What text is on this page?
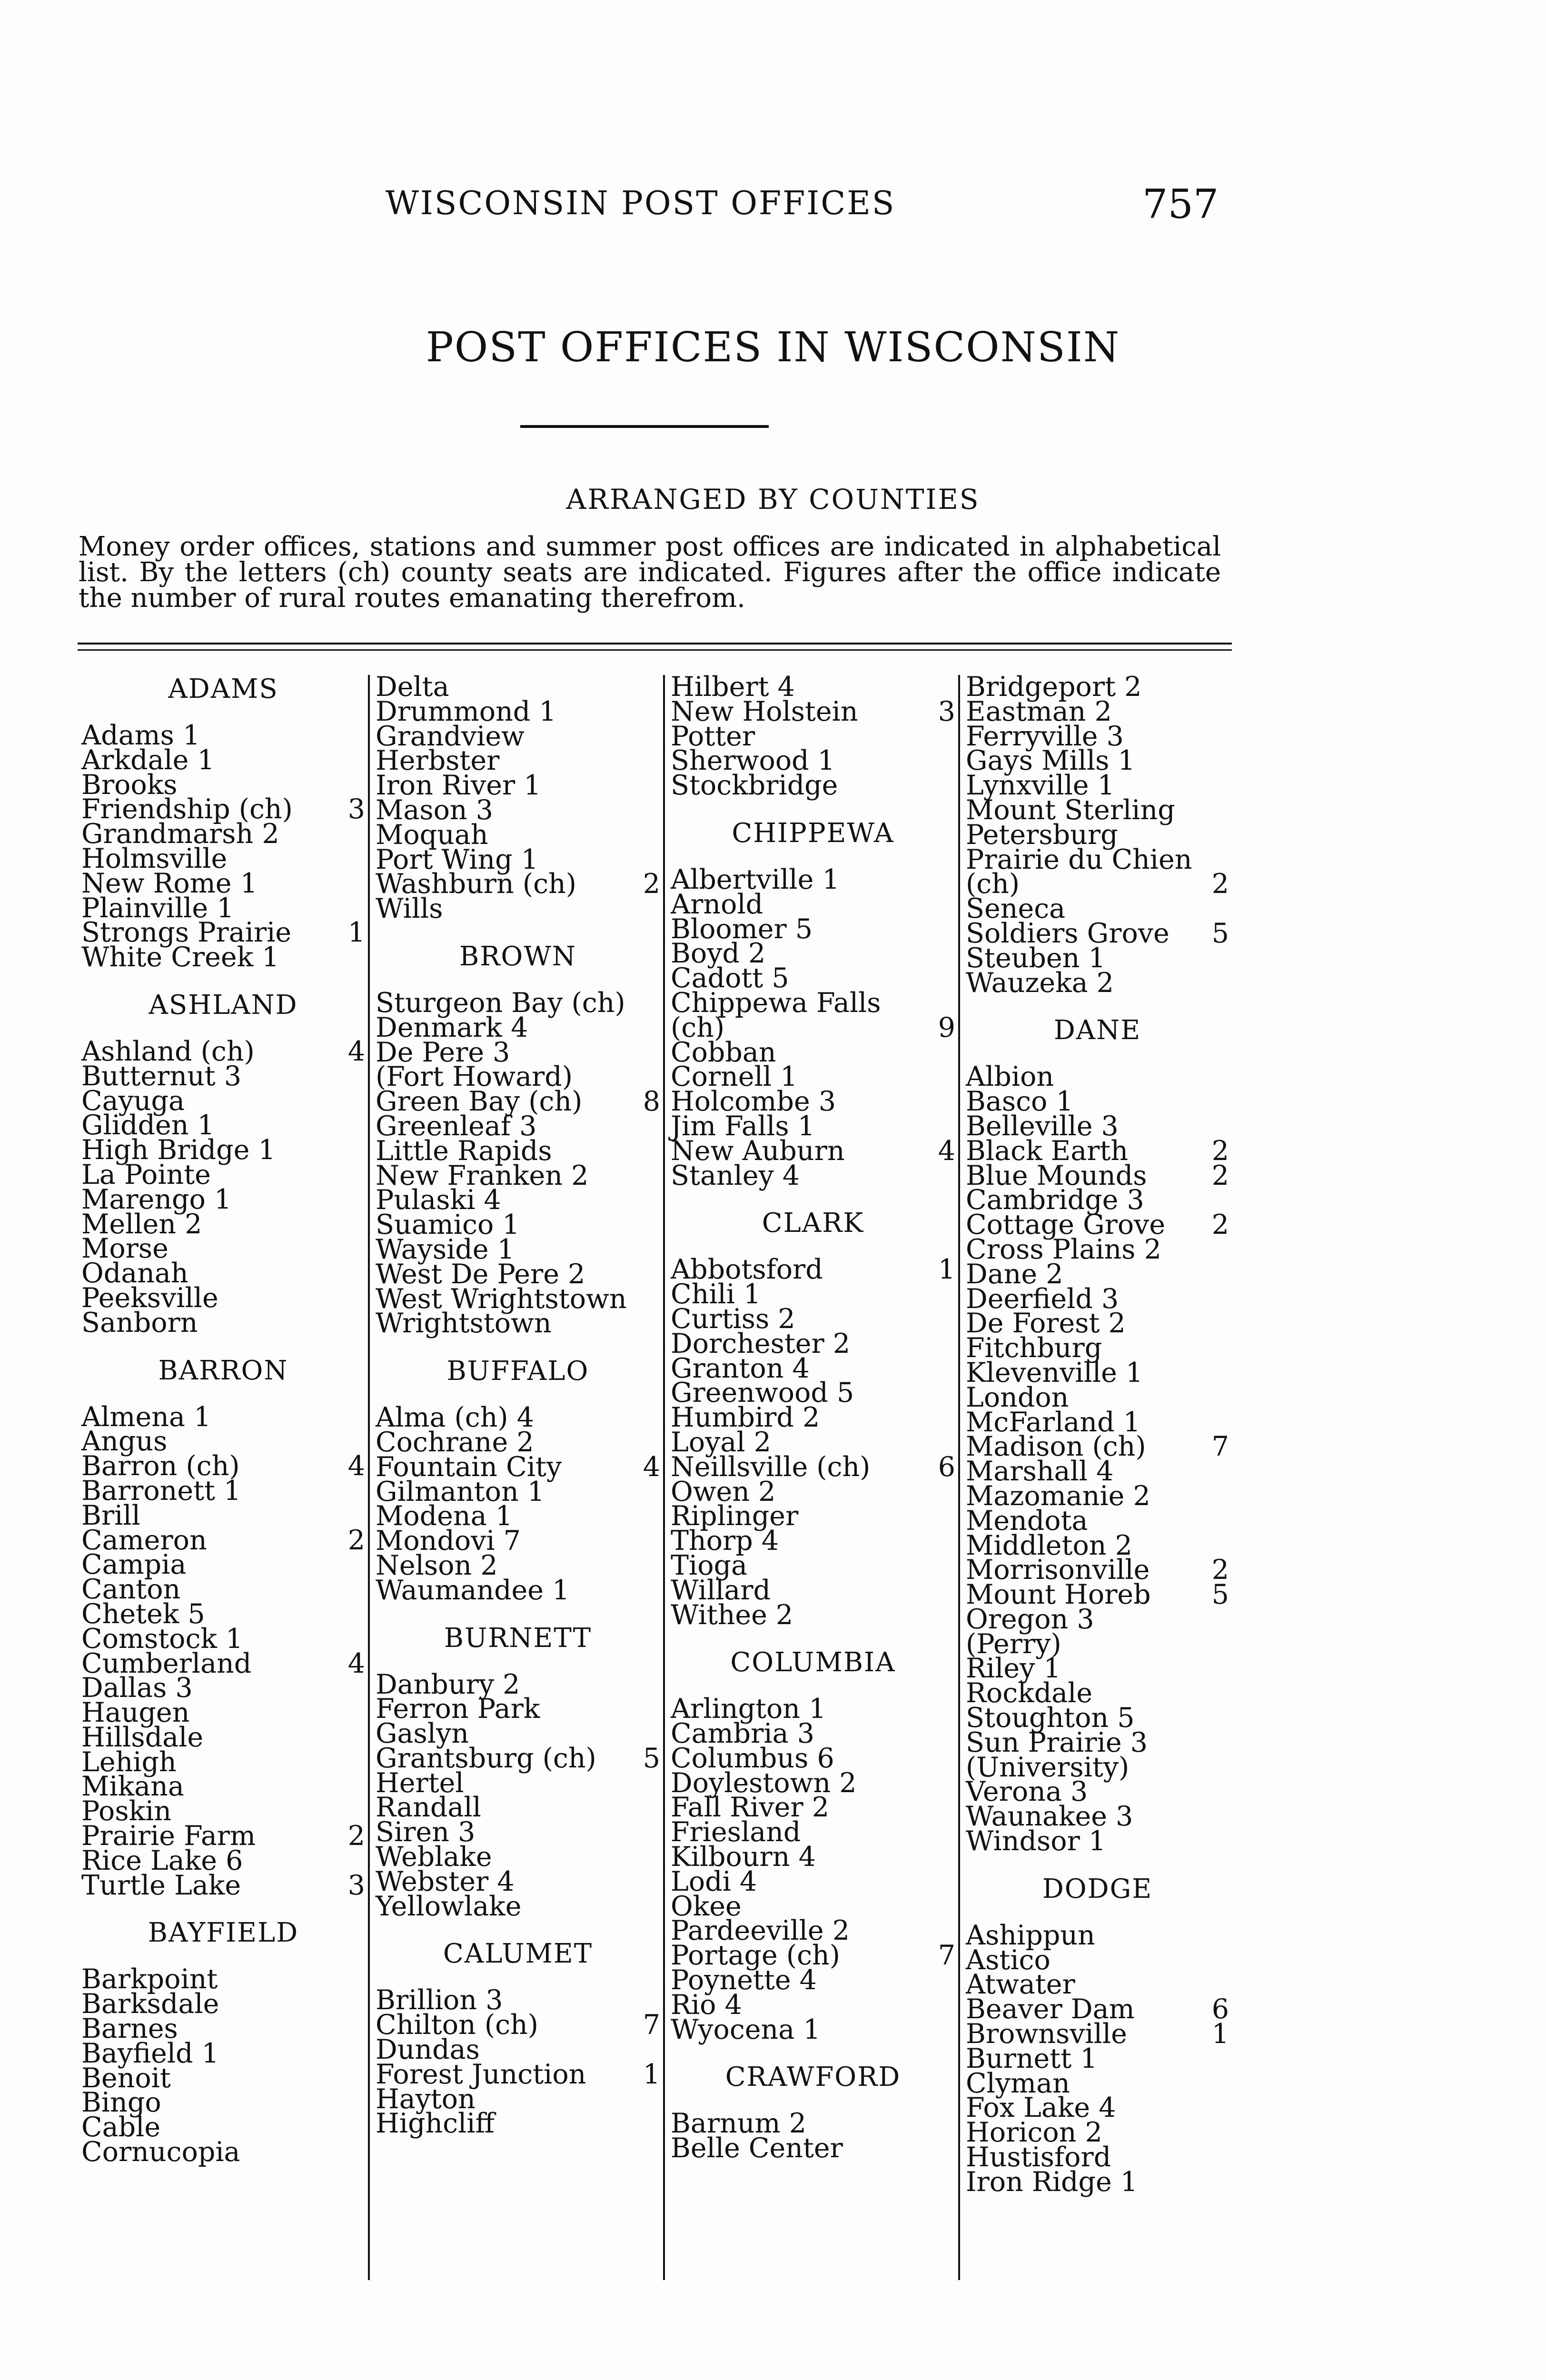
WISCONSIN POST OFFICES	757
POST OFFICES IN WISCONSIN
ARRANGED BY COUNTIES
Money order offices, stations and summer post offices are indicated in alphabetical list. By the letters (ch) county seats are indicated. Figures after the office indicate the number of rural routes emanating therefrom.
ADAMS
Adams 1
Arkdale 1
Brooks
Friendship (ch) 3
Grandmarsh 2
Holmsville
New Rome 1
Plainville 1
Strongs Prairie 1
White Creek 1
ASHLAND
Ashland (ch)	4
Butternut 3
Cayuga
Glidden 1
High Bridge 1
La Pointe
Marengo 1
Mellen 2
Morse
Odanah
Peeksville
Sanborn
BARRON
Almena 1
Angus
Barron (ch)	4
Barronett 1
Brill
Cameron	2
Campia
Canton
Chetek 5
Comstock 1
Cumberland	4
Dallas 3
Haugen
Hillsdale
Lehigh
Mikana
Poskin
Prairie Farm	2
Rice Lake 6
Turtle Lake	3
BAYFIELD
Barkpoint
Barksdale
Barnes
Bayfield 1
Benoit
Bingo
Cable
Cornucopia
Delta
Drummond 1
Grandview
Herbster
Iron River 1
Mason 3
Moquah
Port Wing 1
Washburn (ch) 2
Wills
BROWN
Sturgeon Bay (ch)
Denmark 4
De Pere 3
(Fort Howard)
Green Bay (ch) 8
Greenleaf 3
Little Rapids
New Franken 2
Pulaski 4
Suamico 1
Wayside 1
West De Pere 2
West Wrightstown
Wrightstown
BUFFALO
Alma (ch) 4
Cochrane 2
Fountain City	4
Gilmanton 1
Modena 1
Mondovi 7
Nelson 2
Waumandee 1
BURNETT
Danbury 2
Ferron Park
Gaslyn
Grantsburg (ch) 5
Hertel
Randall
Siren 3
Weblake
Webster 4
Yellowlake
CALUMET
Brillion 3
Chilton (ch)	7
Dundas
Forest Junction 1
Hayton
Highcliff
Hilbert 4
New Holstein	3
Potter
Sherwood 1
Stockbridge
CHIPPEWA
Albertville 1
Arnold
Bloomer 5
Boyd 2
Cadott 5
Chippewa Falls
(ch)	9
Cobban
Cornell 1
Holcombe 3
Jim Falls 1
New Auburn	4
Stanley 4
CLARK
Abbotsford	1
Chili 1
Curtiss 2
Dorchester 2
Granton 4
Greenwood 5
Humbird 2
Loyal 2
Neillsville (ch) 6
Owen 2
Riplinger
Thorp 4
Tioga
Willard
Withee 2
COLUMBIA
Arlington 1
Cambria 3
Columbus 6
Doylestown 2
Fall River 2
Friesland
Kilbourn 4
Lodi 4
Okee
Pardeeville 2
Portage (ch)	7
Poynette 4
Rio 4
Wyocena 1
CRAWFORD
Barnum 2
Belle Center
Bridgeport 2
Eastman 2
Ferryville 3
Gays Mills 1
Lynxville 1
Mount Sterling
Petersburg
Prairie du Chien
(ch)	2
Seneca
Soldiers Grove 5
Steuben 1
Wauzeka 2
DANE
Albion
Basco 1
Belleville 3
Black Earth	2
Blue Mounds 2
Cambridge 3
Cottage Grove 2
Cross Plains 2
Dane 2
Deerfield 3
De Forest 2
Fitchburg
Klevenville 1
London
McFarland 1
Madison (ch) 7
Marshall 4
Mazomanie 2
Mendota
Middleton 2
Morrisonville 2
Mount Horeb 5
Oregon 3
(Perry)
Riley 1
Rockdale
Stoughton 5
Sun Prairie 3
(University)
Verona 3
Waunakee 3
Windsor 1
DODGE
Ashippun
Astico
Atwater
Beaver Dam	6
Brownsville	1
Burnett 1
Clyman
Fox Lake 4
Horicon 2
Hustisford
Iron Ridge 1
